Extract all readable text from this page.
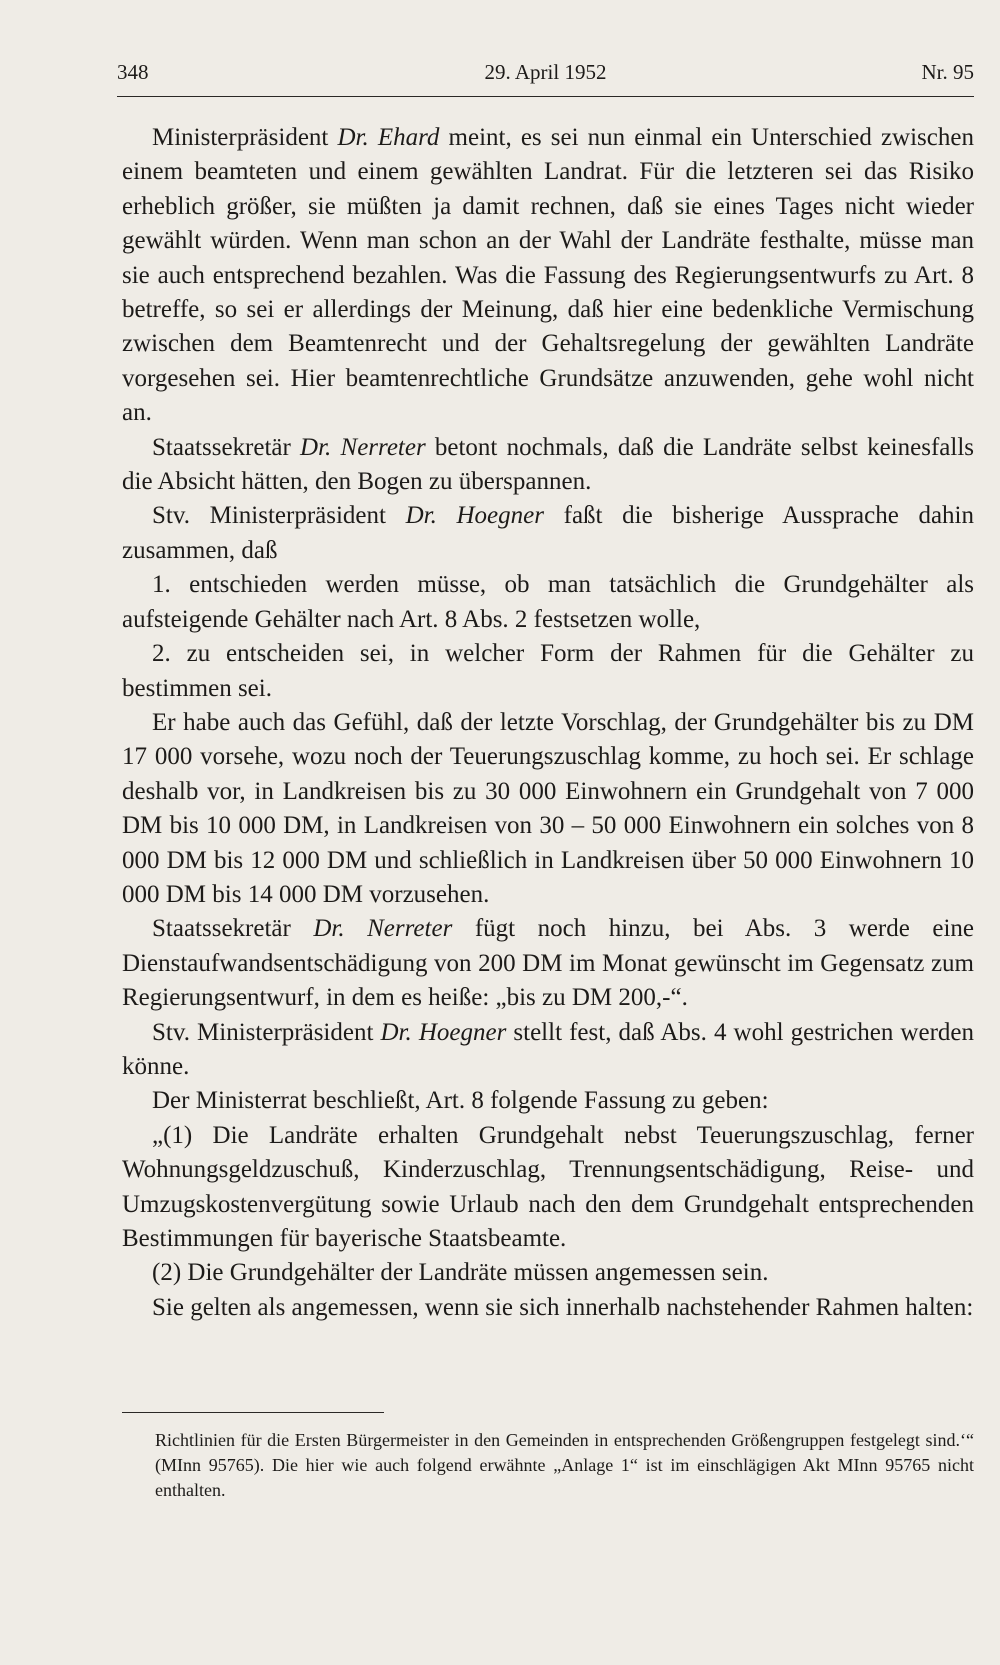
348	29. April 1952	Nr. 95

Ministerpräsident Dr. Ehard meint, es sei nun einmal ein Unterschied zwischen einem beamteten und einem gewählten Landrat. Für die letzteren sei das Risiko erheblich größer, sie müßten ja damit rechnen, daß sie eines Tages nicht wieder gewählt würden. Wenn man schon an der Wahl der Landräte festhalte, müsse man sie auch entsprechend bezahlen. Was die Fassung des Regierungsentwurfs zu Art. 8 betreffe, so sei er allerdings der Meinung, daß hier eine bedenkliche Vermischung zwischen dem Beamtenrecht und der Gehaltsregelung der gewählten Landräte vorgesehen sei. Hier beamtenrechtliche Grundsätze anzuwenden, gehe wohl nicht an.

Staatssekretär Dr. Nerreter betont nochmals, daß die Landräte selbst keinesfalls die Absicht hätten, den Bogen zu überspannen.

Stv. Ministerpräsident Dr. Hoegner faßt die bisherige Aussprache dahin zusammen, daß

1. entschieden werden müsse, ob man tatsächlich die Grundgehälter als aufsteigende Gehälter nach Art. 8 Abs. 2 festsetzen wolle,

2. zu entscheiden sei, in welcher Form der Rahmen für die Gehälter zu bestimmen sei.

Er habe auch das Gefühl, daß der letzte Vorschlag, der Grundgehälter bis zu DM 17 000 vorsehe, wozu noch der Teuerungszuschlag komme, zu hoch sei. Er schlage deshalb vor, in Landkreisen bis zu 30 000 Einwohnern ein Grundgehalt von 7 000 DM bis 10 000 DM, in Landkreisen von 30 – 50 000 Einwohnern ein solches von 8 000 DM bis 12 000 DM und schließlich in Landkreisen über 50 000 Einwohnern 10 000 DM bis 14 000 DM vorzusehen.

Staatssekretär Dr. Nerreter fügt noch hinzu, bei Abs. 3 werde eine Dienstaufwandsentschädigung von 200 DM im Monat gewünscht im Gegensatz zum Regierungsentwurf, in dem es heiße: „bis zu DM 200,-“.

Stv. Ministerpräsident Dr. Hoegner stellt fest, daß Abs. 4 wohl gestrichen werden könne.

Der Ministerrat beschließt, Art. 8 folgende Fassung zu geben:

„(1) Die Landräte erhalten Grundgehalt nebst Teuerungszuschlag, ferner Wohnungsgeldzuschuß, Kinderzuschlag, Trennungsentschädigung, Reise- und Umzugskostenvergütung sowie Urlaub nach den dem Grundgehalt entsprechenden Bestimmungen für bayerische Staatsbeamte.

(2) Die Grundgehälter der Landräte müssen angemessen sein.

Sie gelten als angemessen, wenn sie sich innerhalb nachstehender Rahmen halten:

Richtlinien für die Ersten Bürgermeister in den Gemeinden in entsprechenden Größengruppen festgelegt sind.‘“ (MInn 95765). Die hier wie auch folgend erwähnte „Anlage 1“ ist im einschlägigen Akt MInn 95765 nicht enthalten.
